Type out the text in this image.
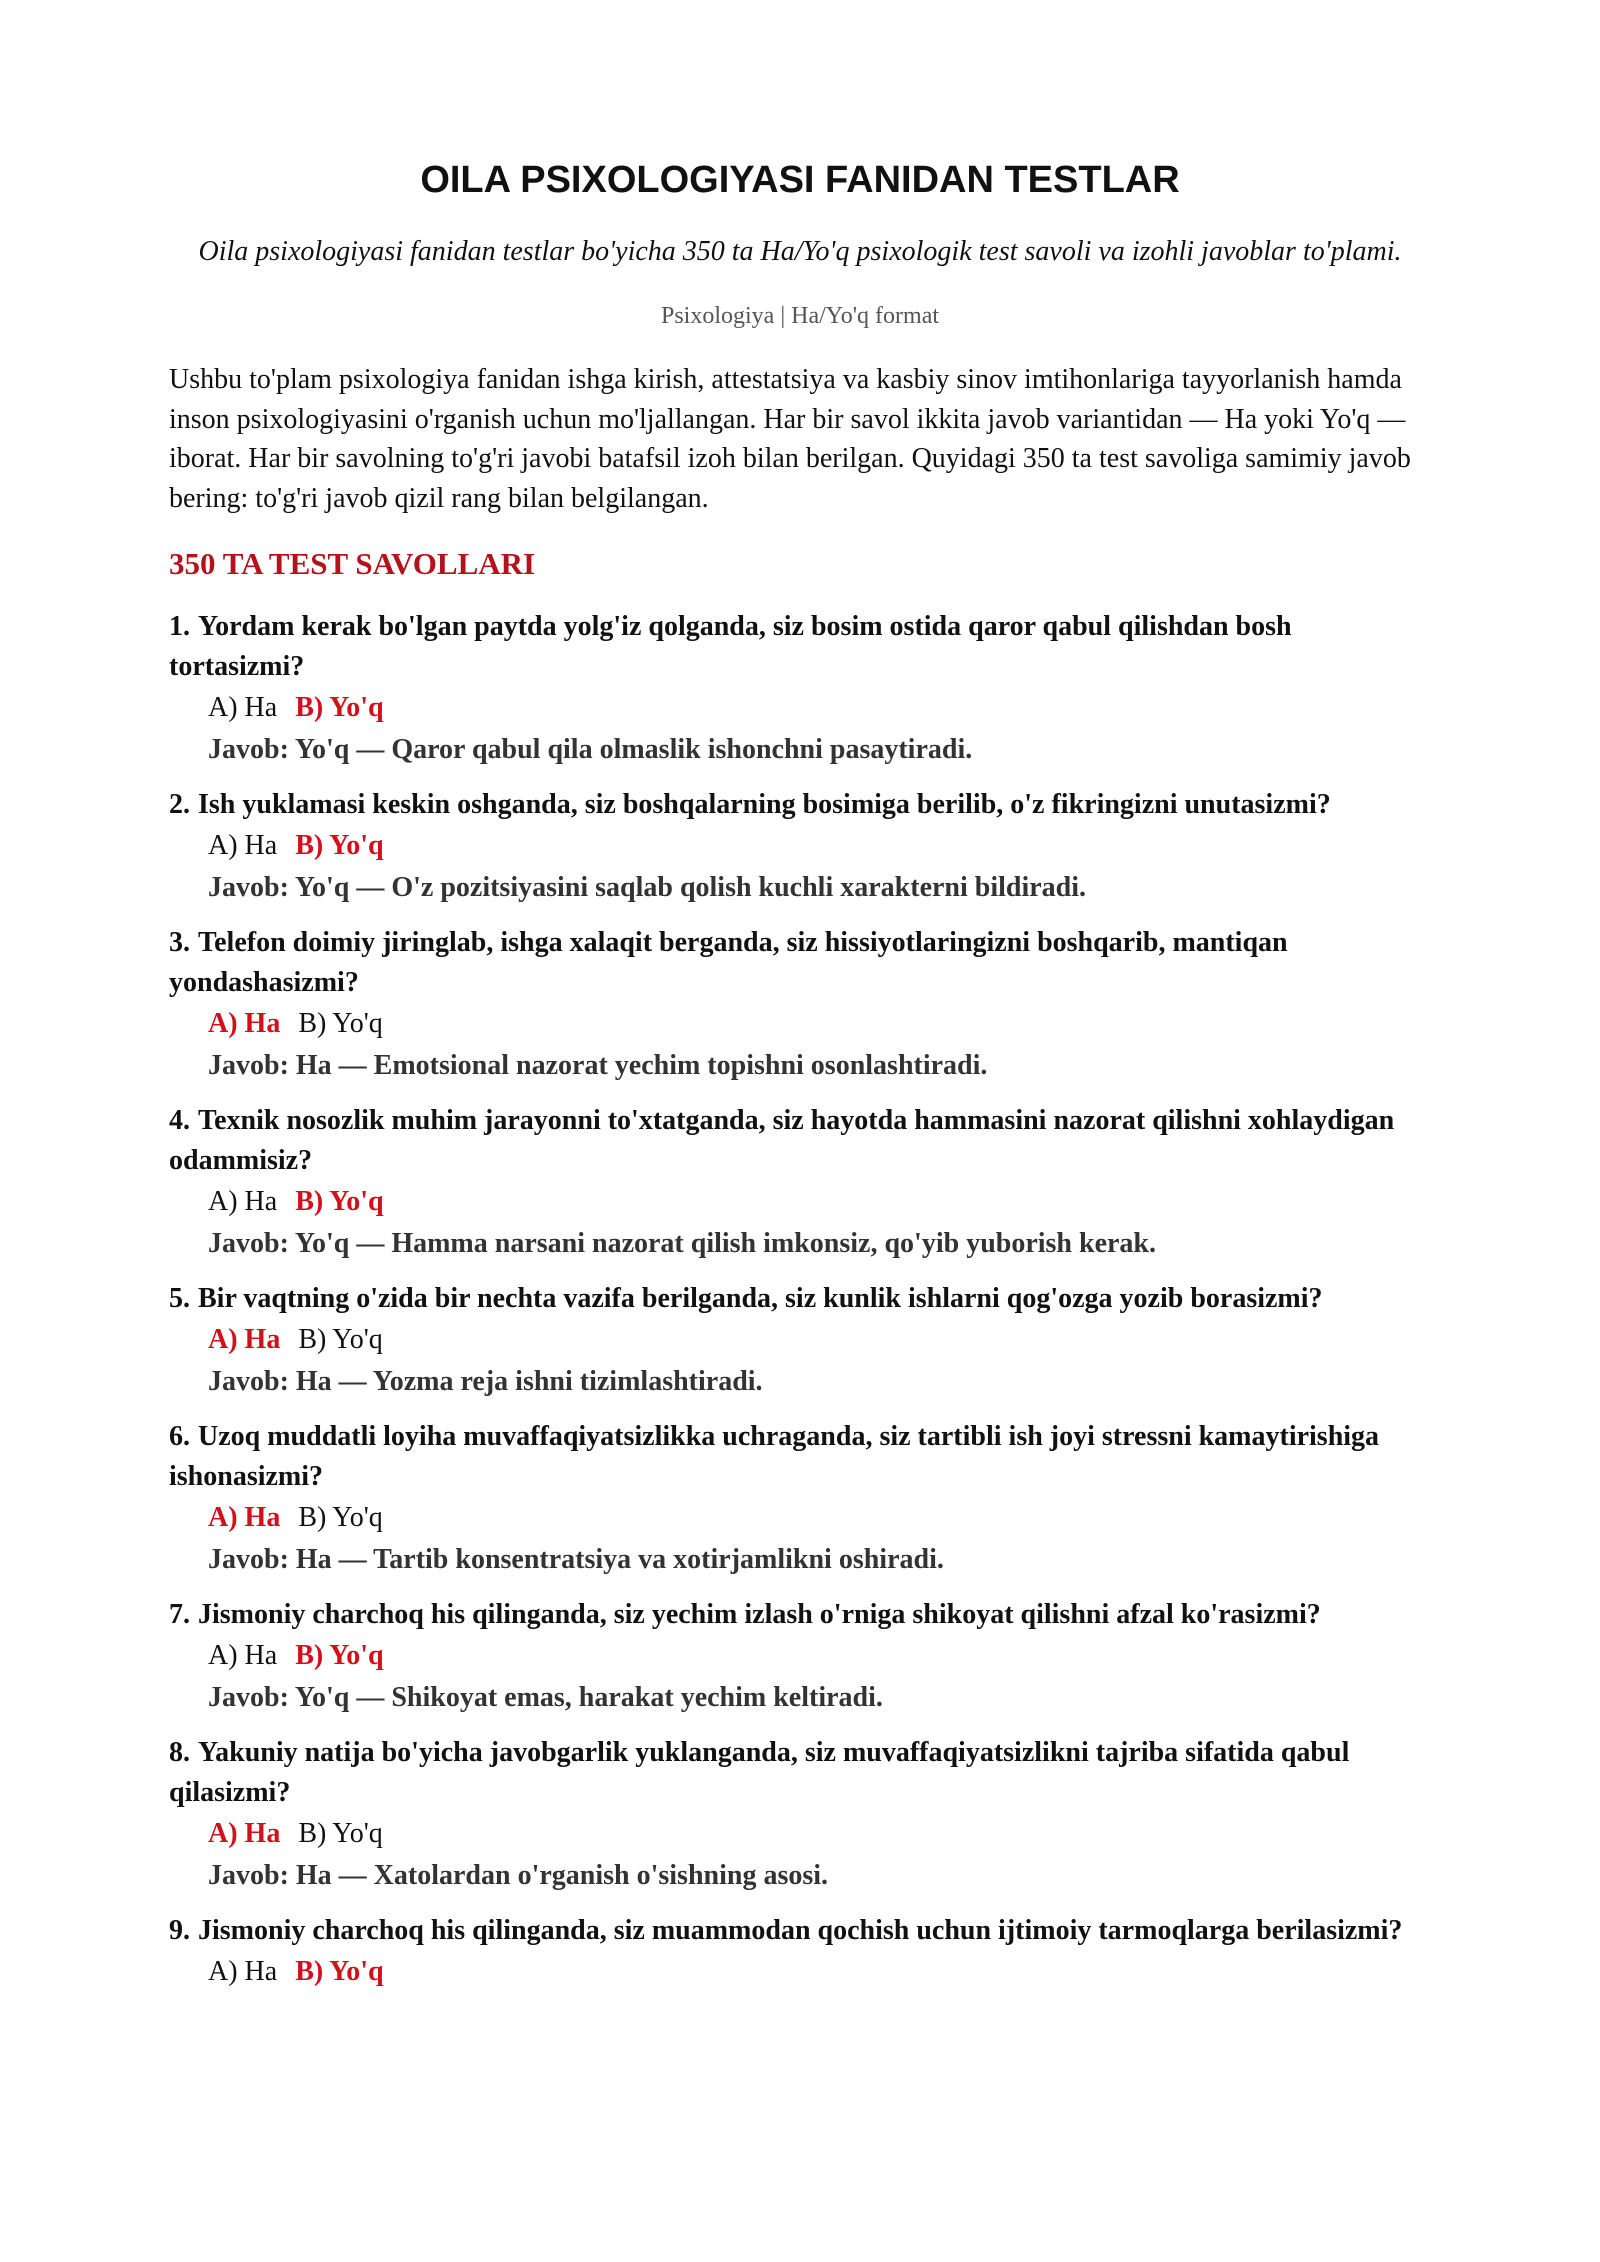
OILA PSIXOLOGIYASI FANIDAN TESTLAR

Oila psixologiyasi fanidan testlar bo'yicha 350 ta Ha/Yo'q psixologik test savoli va izohli javoblar to'plami.

Psixologiya | Ha/Yo'q format

Ushbu to'plam psixologiya fanidan ishga kirish, attestatsiya va kasbiy sinov imtihonlariga tayyorlanish hamda inson psixologiyasini o'rganish uchun mo'ljallangan. Har bir savol ikkita javob variantidan — Ha yoki Yo'q — iborat. Har bir savolning to'g'ri javobi batafsil izoh bilan berilgan. Quyidagi 350 ta test savoliga samimiy javob bering: to'g'ri javob qizil rang bilan belgilangan.

350 TA TEST SAVOLLARI
1. Yordam kerak bo'lgan paytda yolg'iz qolganda, siz bosim ostida qaror qabul qilishdan bosh tortasizmi?
A) Ha B) Yo'q
Javob: Yo'q — Qaror qabul qila olmaslik ishonchni pasaytiradi.
2. Ish yuklamasi keskin oshganda, siz boshqalarning bosimiga berilib, o'z fikringizni unutasizmi?
A) Ha B) Yo'q
Javob: Yo'q — O'z pozitsiyasini saqlab qolish kuchli xarakterni bildiradi.
3. Telefon doimiy jiringlab, ishga xalaqit berganda, siz hissiyotlaringizni boshqarib, mantiqan yondashasizmi?
A) Ha B) Yo'q
Javob: Ha — Emotsional nazorat yechim topishni osonlashtiradi.
4. Texnik nosozlik muhim jarayonni to'xtatganda, siz hayotda hammasini nazorat qilishni xohlaydigan odammisiz?
A) Ha B) Yo'q
Javob: Yo'q — Hamma narsani nazorat qilish imkonsiz, qo'yib yuborish kerak.
5. Bir vaqtning o'zida bir nechta vazifa berilganda, siz kunlik ishlarni qog'ozga yozib borasizmi?
A) Ha B) Yo'q
Javob: Ha — Yozma reja ishni tizimlashtiradi.
6. Uzoq muddatli loyiha muvaffaqiyatsizlikka uchraganda, siz tartibli ish joyi stressni kamaytirishiga ishonasizmi?
A) Ha B) Yo'q
Javob: Ha — Tartib konsentratsiya va xotirjamlikni oshiradi.
7. Jismoniy charchoq his qilinganda, siz yechim izlash o'rniga shikoyat qilishni afzal ko'rasizmi?
A) Ha B) Yo'q
Javob: Yo'q — Shikoyat emas, harakat yechim keltiradi.
8. Yakuniy natija bo'yicha javobgarlik yuklanganda, siz muvaffaqiyatsizlikni tajriba sifatida qabul qilasizmi?
A) Ha B) Yo'q
Javob: Ha — Xatolardan o'rganish o'sishning asosi.
9. Jismoniy charchoq his qilinganda, siz muammodan qochish uchun ijtimoiy tarmoqlarga berilasizmi?
A) Ha B) Yo'q
